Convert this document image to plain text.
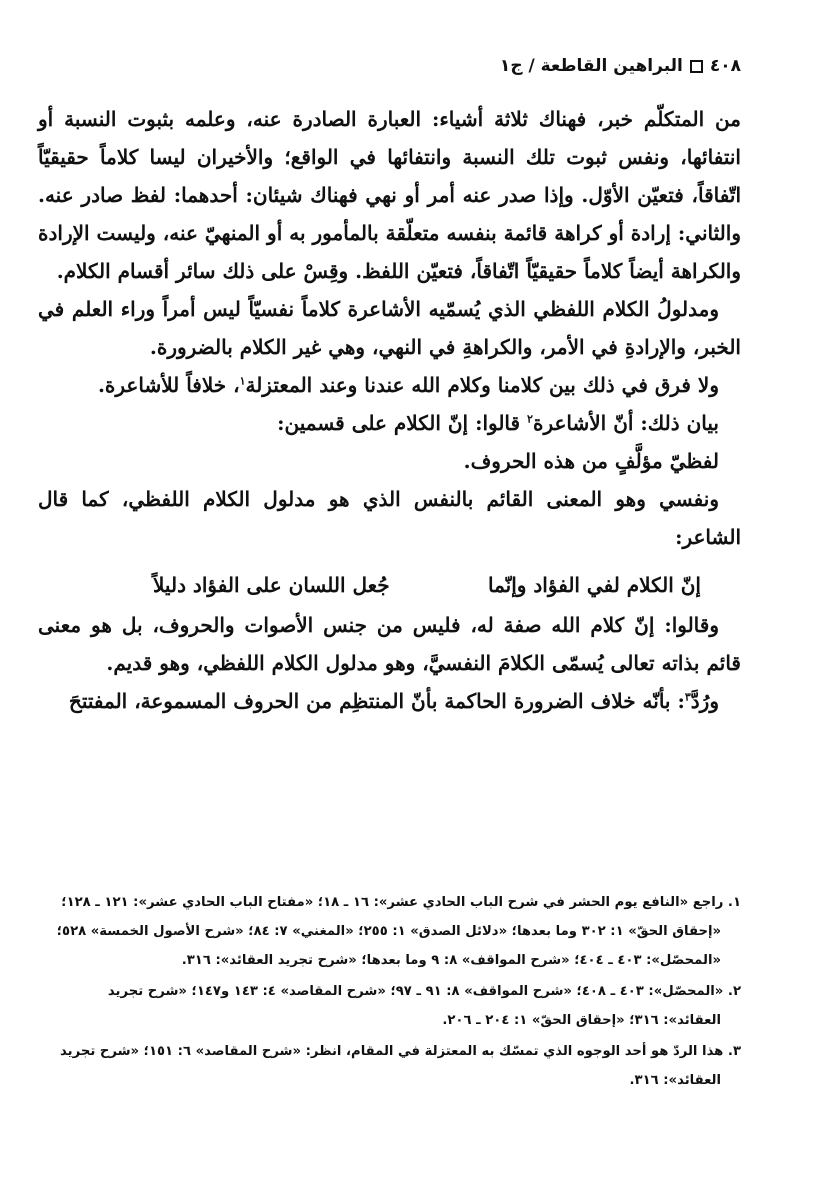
٤٠٨
البراهين القاطعة / ج١

من المتكلّم خبر، فهناك ثلاثة أشياء: العبارة الصادرة عنه، وعلمه بثبوت النسبة أو انتفائها، ونفس ثبوت تلك النسبة وانتفائها في الواقع؛ والأخيران ليسا كلاماً حقيقيّاً اتّفاقاً، فتعيّن الأوّل. وإذا صدر عنه أمر أو نهي فهناك شيئان: أحدهما: لفظ صادر عنه. والثاني: إرادة أو كراهة قائمة بنفسه متعلّقة بالمأمور به أو المنهيّ عنه، وليست الإرادة والكراهة أيضاً كلاماً حقيقيّاً اتّفاقاً، فتعيّن اللفظ. وقِسْ على ذلك سائر أقسام الكلام.

ومدلولُ الكلام اللفظي الذي يُسمّيه الأشاعرة كلاماً نفسيّاً ليس أمراً وراء العلم في الخبر، والإرادةِ في الأمر، والكراهةِ في النهي، وهي غير الكلام بالضرورة.

ولا فرق في ذلك بين كلامنا وكلام الله عندنا وعند المعتزلة$^١$، خلافاً للأشاعرة.

بيان ذلك: أنّ الأشاعرة$^٢$ قالوا: إنّ الكلام على قسمين:

لفظيّ مؤلَّفٍ من هذه الحروف.

ونفسي وهو المعنى القائم بالنفس الذي هو مدلول الكلام اللفظي، كما قال الشاعر:

إنّ الكلام لفي الفؤاد وإنّما
جُعل اللسان على الفؤاد دليلاً

وقالوا: إنّ كلام الله صفة له، فليس من جنس الأصوات والحروف، بل هو معنى قائم بذاته تعالى يُسمّى الكلامَ النفسيَّ، وهو مدلول الكلام اللفظي، وهو قديم.

ورُدَّ$^٣$: بأنّه خلاف الضرورة الحاكمة بأنّ المنتظِم من الحروف المسموعة، المفتتحَ

١. راجع «النافع يوم الحشر في شرح الباب الحادي عشر»: ١٦ ـ ١٨؛ «مفتاح الباب الحادي عشر»: ١٢١ ـ ١٢٨؛
«إحقاق الحقّ» ١: ٣٠٢ وما بعدها؛ «دلائل الصدق» ١: ٢٥٥؛ «المغني» ٧: ٨٤؛ «شرح الأصول الخمسة» ٥٢٨؛
«المحصّل»: ٤٠٣ ـ ٤٠٤؛ «شرح المواقف» ٨: ٩ وما بعدها؛ «شرح تجريد العقائد»: ٣١٦.
٢. «المحصّل»: ٤٠٣ ـ ٤٠٨؛ «شرح المواقف» ٨: ٩١ ـ ٩٧؛ «شرح المقاصد» ٤: ١٤٣ و١٤٧؛ «شرح تجريد
العقائد»: ٣١٦؛ «إحقاق الحقّ» ١: ٢٠٤ ـ ٢٠٦.
٣. هذا الردّ هو أحد الوجوه الذي تمسّك به المعتزلة في المقام، انظر: «شرح المقاصد» ٦: ١٥١؛ «شرح تجريد
العقائد»: ٣١٦.
